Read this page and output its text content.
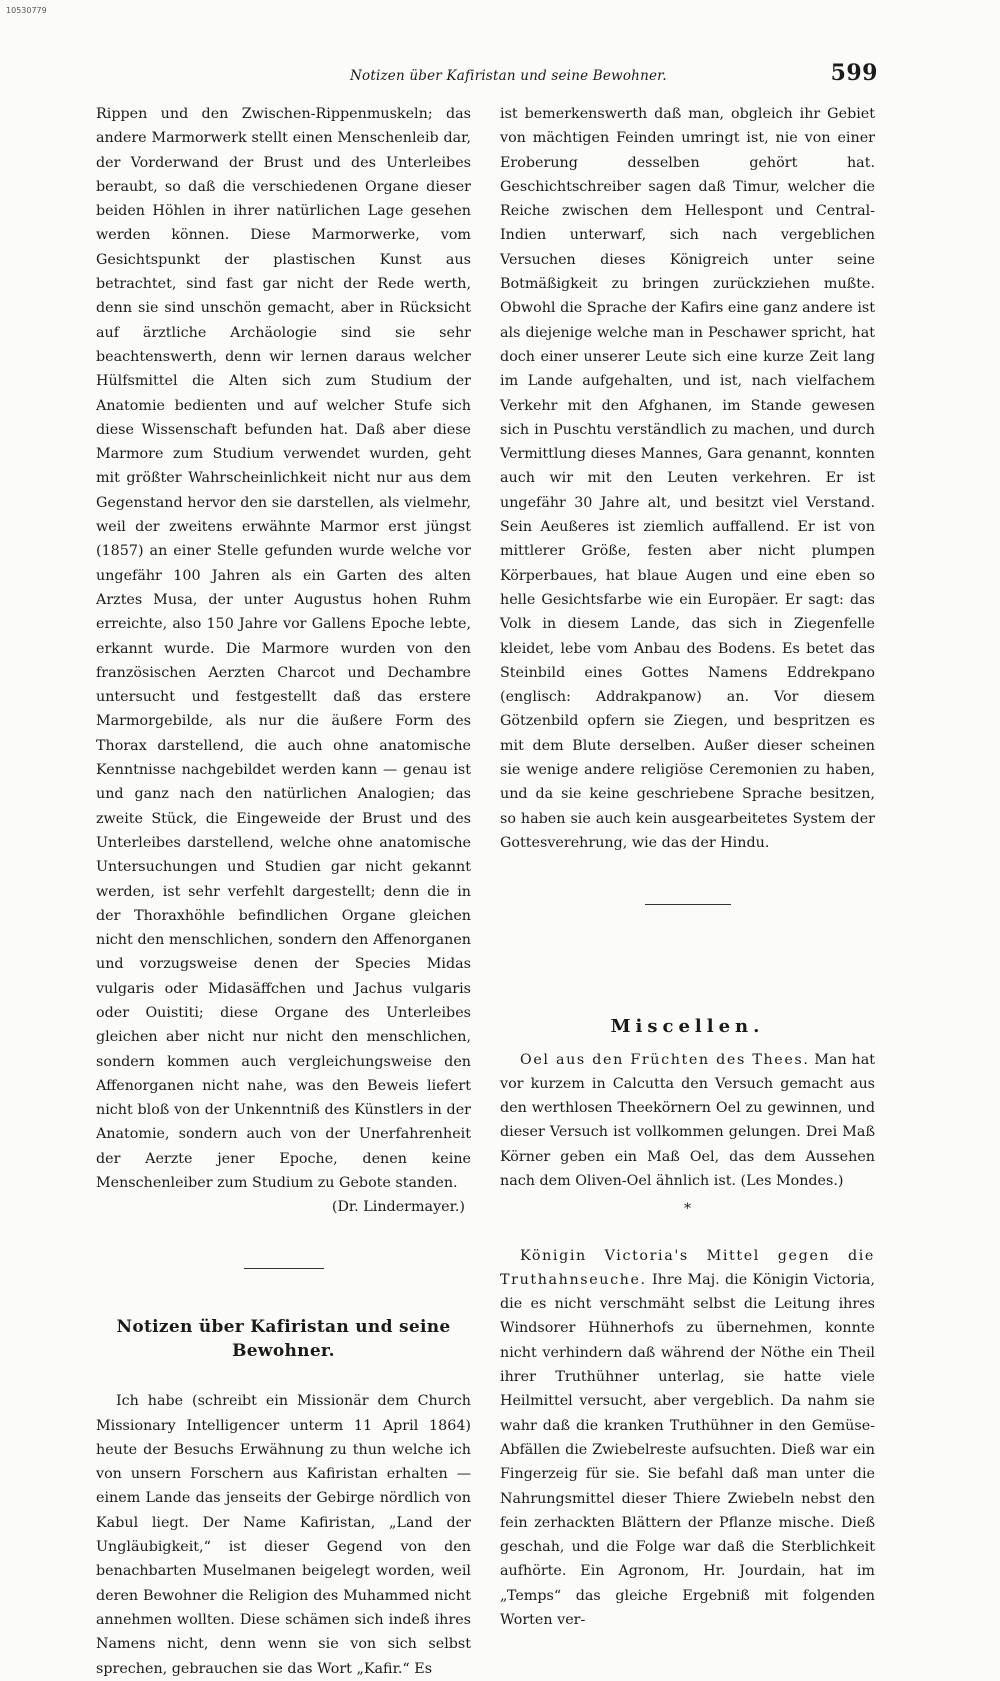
10530779
Notizen über Kafiristan und seine Bewohner.	599

Rippen und den Zwischen-Rippenmuskeln; das andere Marmorwerk stellt einen Menschenleib dar, der Vorderwand der Brust und des Unterleibes beraubt, so daß die verschiedenen Organe dieser beiden Höhlen in ihrer natürlichen Lage gesehen werden können. Diese Marmorwerke, vom Gesichtspunkt der plastischen Kunst aus betrachtet, sind fast gar nicht der Rede werth, denn sie sind unschön gemacht, aber in Rücksicht auf ärztliche Archäologie sind sie sehr beachtenswerth, denn wir lernen daraus welcher Hülfsmittel die Alten sich zum Studium der Anatomie bedienten und auf welcher Stufe sich diese Wissenschaft befunden hat. Daß aber diese Marmore zum Studium verwendet wurden, geht mit größter Wahrscheinlichkeit nicht nur aus dem Gegenstand hervor den sie darstellen, als vielmehr, weil der zweitens erwähnte Marmor erst jüngst (1857) an einer Stelle gefunden wurde welche vor ungefähr 100 Jahren als ein Garten des alten Arztes Musa, der unter Augustus hohen Ruhm erreichte, also 150 Jahre vor Gallens Epoche lebte, erkannt wurde. Die Marmore wurden von den französischen Aerzten Charcot und Dechambre untersucht und festgestellt daß das erstere Marmorgebilde, als nur die äußere Form des Thorax darstellend, die auch ohne anatomische Kenntnisse nachgebildet werden kann — genau ist und ganz nach den natürlichen Analogien; das zweite Stück, die Eingeweide der Brust und des Unterleibes darstellend, welche ohne anatomische Untersuchungen und Studien gar nicht gekannt werden, ist sehr verfehlt dargestellt; denn die in der Thoraxhöhle befindlichen Organe gleichen nicht den menschlichen, sondern den Affenorganen und vorzugsweise denen der Species Midas vulgaris oder Midasäffchen und Jachus vulgaris oder Ouistiti; diese Organe des Unterleibes gleichen aber nicht nur nicht den menschlichen, sondern kommen auch vergleichungsweise den Affenorganen nicht nahe, was den Beweis liefert nicht bloß von der Unkenntniß des Künstlers in der Anatomie, sondern auch von der Unerfahrenheit der Aerzte jener Epoche, denen keine Menschenleiber zum Studium zu Gebote standen.

(Dr. Lindermayer.)

Notizen über Kafiristan und seine Bewohner.

Ich habe (schreibt ein Missionär dem Church Missionary Intelligencer unterm 11 April 1864) heute der Besuchs Erwähnung zu thun welche ich von unsern Forschern aus Kafiristan erhalten — einem Lande das jenseits der Gebirge nördlich von Kabul liegt. Der Name Kafiristan, „Land der Ungläubigkeit,“ ist dieser Gegend von den benachbarten Muselmanen beigelegt worden, weil deren Bewohner die Religion des Muhammed nicht annehmen wollten. Diese schämen sich indeß ihres Namens nicht, denn wenn sie von sich selbst sprechen, gebrauchen sie das Wort „Kafir.“ Es

ist bemerkenswerth daß man, obgleich ihr Gebiet von mächtigen Feinden umringt ist, nie von einer Eroberung desselben gehört hat. Geschichtschreiber sagen daß Timur, welcher die Reiche zwischen dem Hellespont und Central-Indien unterwarf, sich nach vergeblichen Versuchen dieses Königreich unter seine Botmäßigkeit zu bringen zurückziehen mußte. Obwohl die Sprache der Kafirs eine ganz andere ist als diejenige welche man in Peschawer spricht, hat doch einer unserer Leute sich eine kurze Zeit lang im Lande aufgehalten, und ist, nach vielfachem Verkehr mit den Afghanen, im Stande gewesen sich in Puschtu verständlich zu machen, und durch Vermittlung dieses Mannes, Gara genannt, konnten auch wir mit den Leuten verkehren. Er ist ungefähr 30 Jahre alt, und besitzt viel Verstand. Sein Aeußeres ist ziemlich auffallend. Er ist von mittlerer Größe, festen aber nicht plumpen Körperbaues, hat blaue Augen und eine eben so helle Gesichtsfarbe wie ein Europäer. Er sagt: das Volk in diesem Lande, das sich in Ziegenfelle kleidet, lebe vom Anbau des Bodens. Es betet das Steinbild eines Gottes Namens Eddrekpano (englisch: Addrakpanow) an. Vor diesem Götzenbild opfern sie Ziegen, und bespritzen es mit dem Blute derselben. Außer dieser scheinen sie wenige andere religiöse Ceremonien zu haben, und da sie keine geschriebene Sprache besitzen, so haben sie auch kein ausgearbeitetes System der Gottesverehrung, wie das der Hindu.

Miscellen.

Oel aus den Früchten des Thees. Man hat vor kurzem in Calcutta den Versuch gemacht aus den werthlosen Theekörnern Oel zu gewinnen, und dieser Versuch ist vollkommen gelungen. Drei Maß Körner geben ein Maß Oel, das dem Aussehen nach dem Oliven-Oel ähnlich ist. (Les Mondes.)

*

Königin Victoria's Mittel gegen die Truthahnseuche. Ihre Maj. die Königin Victoria, die es nicht verschmäht selbst die Leitung ihres Windsorer Hühnerhofs zu übernehmen, konnte nicht verhindern daß während der Nöthe ein Theil ihrer Truthühner unterlag, sie hatte viele Heilmittel versucht, aber vergeblich. Da nahm sie wahr daß die kranken Truthühner in den Gemüse-Abfällen die Zwiebelreste aufsuchten. Dieß war ein Fingerzeig für sie. Sie befahl daß man unter die Nahrungsmittel dieser Thiere Zwiebeln nebst den fein zerhackten Blättern der Pflanze mische. Dieß geschah, und die Folge war daß die Sterblichkeit aufhörte. Ein Agronom, Hr. Jourdain, hat im „Temps“ das gleiche Ergebniß mit folgenden Worten ver-
